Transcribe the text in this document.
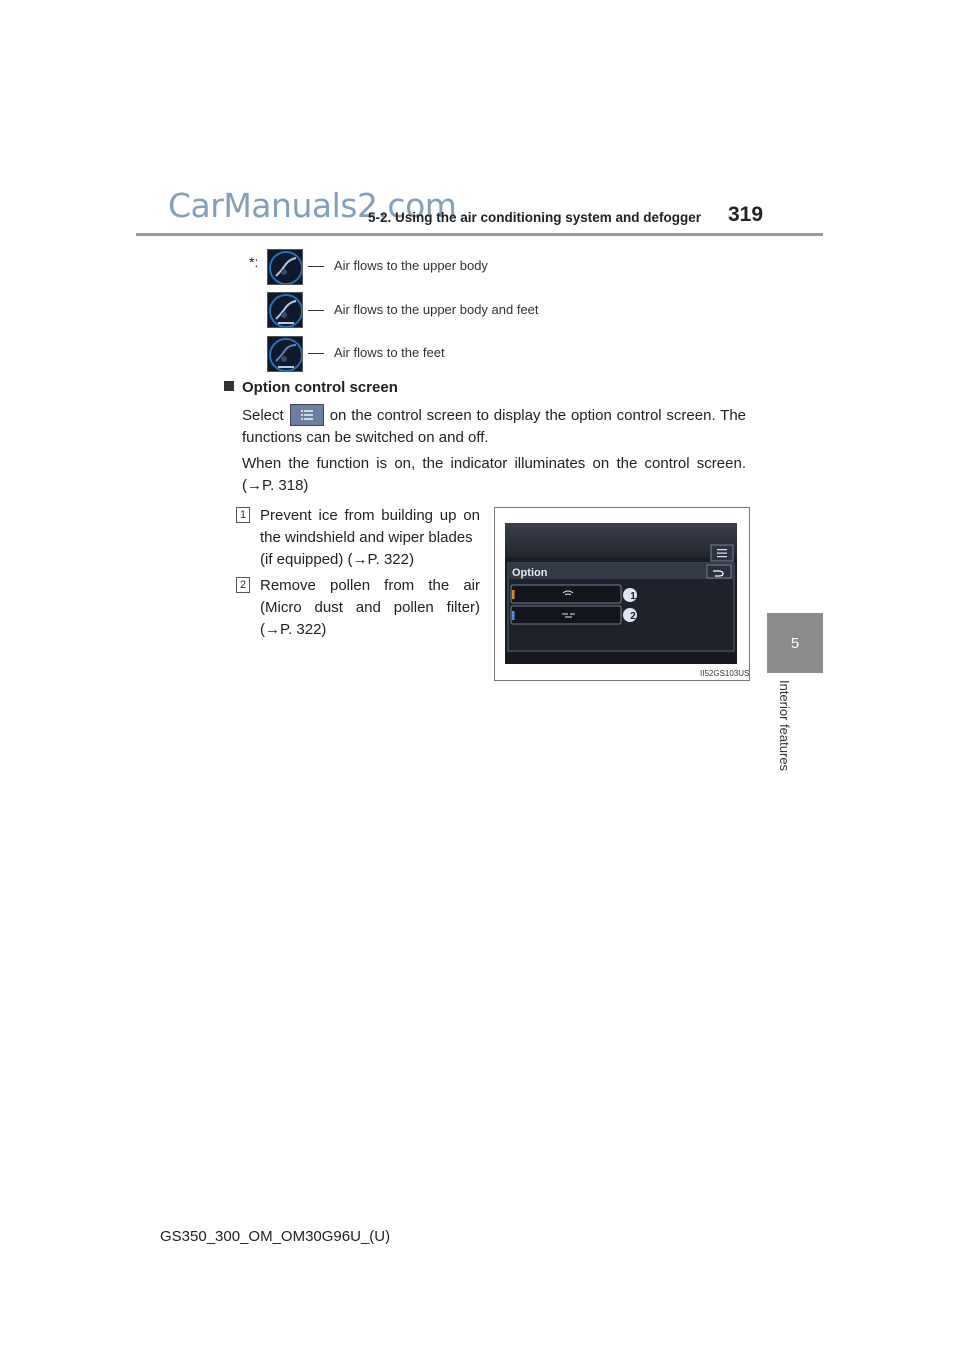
CarManuals2.com
5-2. Using the air conditioning system and defogger 319
5
Interior features
*:	Air flows to the upper body
Air flows to the upper body and feet
Air flows to the feet
Option control screen
Select	on the control screen to display the option control screen. The
functions can be switched on and off.
When the function is on, the indicator illuminates on the control screen.
(→P. 318)
1 Prevent ice from building up on
the windshield and wiper blades
(if equipped) (→P. 322)
2 Remove pollen from the air
(Micro dust and pollen filter)
(→P. 322)
Option
1
2
II52GS103US
GS350_300_OM_OM30G96U_(U)
